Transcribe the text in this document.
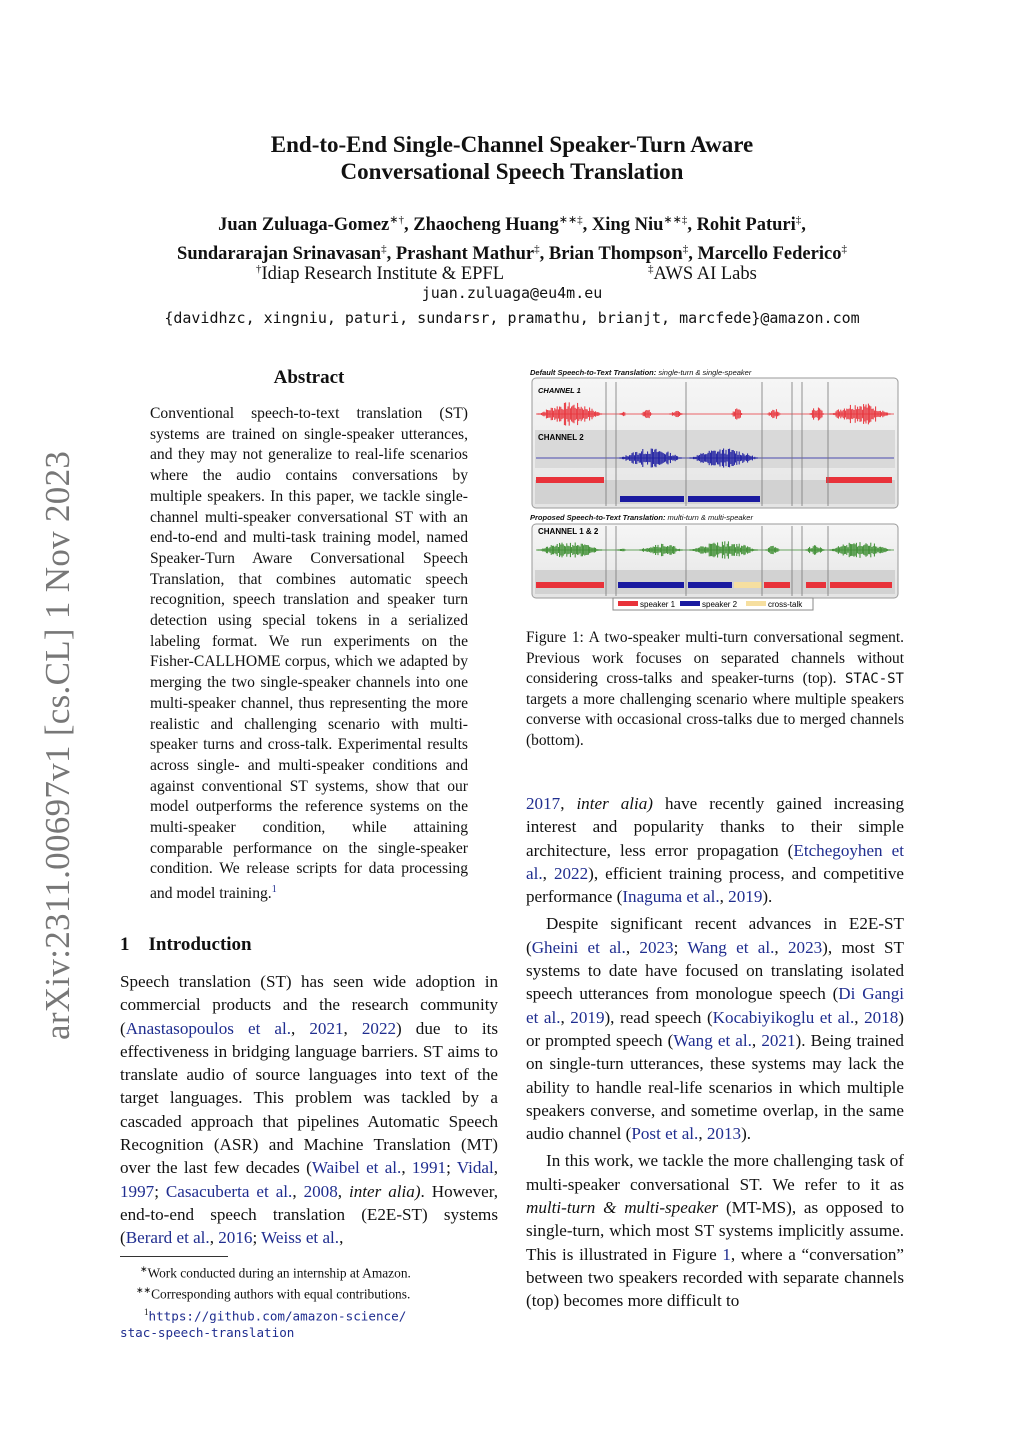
arXiv:2311.00697v1 [cs.CL] 1 Nov 2023
End-to-End Single-Channel Speaker-Turn Aware
Conversational Speech Translation
Juan Zuluaga-Gomez∗†, Zhaocheng Huang∗∗‡, Xing Niu∗∗‡, Rohit Paturi‡,
Sundararajan Srinavasan‡, Prashant Mathur‡, Brian Thompson‡, Marcello Federico‡
†Idiap Research Institute & EPFL	‡AWS AI Labs
juan.zuluaga@eu4m.eu
{davidhzc, xingniu, paturi, sundarsr, pramathu, brianjt, marcfede}@amazon.com
Abstract

Conventional speech-to-text translation (ST) systems are trained on single-speaker utterances, and they may not generalize to real-life scenarios where the audio contains conversations by multiple speakers. In this paper, we tackle single-channel multi-speaker conversational ST with an end-to-end and multi-task training model, named Speaker-Turn Aware Conversational Speech Translation, that combines automatic speech recognition, speech translation and speaker turn detection using special tokens in a serialized labeling format. We run experiments on the Fisher-CALLHOME corpus, which we adapted by merging the two single-speaker channels into one multi-speaker channel, thus representing the more realistic and challenging scenario with multi-speaker turns and cross-talk. Experimental results across single- and multi-speaker conditions and against conventional ST systems, show that our model outperforms the reference systems on the multi-speaker condition, while attaining comparable performance on the single-speaker condition. We release scripts for data processing and model training.$^1$

1 Introduction

Speech translation (ST) has seen wide adoption in commercial products and the research community (Anastasopoulos et al., 2021, 2022) due to its effectiveness in bridging language barriers. ST aims to translate audio of source languages into text of the target languages. This problem was tackled by a cascaded approach that pipelines Automatic Speech Recognition (ASR) and Machine Translation (MT) over the last few decades (Waibel et al., 1991; Vidal, 1997; Casacuberta et al., 2008, inter alia). However, end-to-end speech translation (E2E-ST) systems (Berard et al., 2016; Weiss et al.,

∗Work conducted during an internship at Amazon.
∗∗Corresponding authors with equal contributions.
$^1$https://github.com/amazon-science/
stac-speech-translation
Default Speech-to-Text Translation: single-turn & single-speaker
Proposed Speech-to-Text Translation: multi-turn & multi-speaker
CHANNEL 1
CHANNEL 2
CHANNEL 1 & 2
speaker 1	speaker 2	cross-talk

Figure 1: A two-speaker multi-turn conversational segment. Previous work focuses on separated channels without considering cross-talks and speaker-turns (top). STAC-ST targets a more challenging scenario where multiple speakers converse with occasional cross-talks due to merged channels (bottom).

2017, inter alia) have recently gained increasing interest and popularity thanks to their simple architecture, less error propagation (Etchegoyhen et al., 2022), efficient training process, and competitive performance (Inaguma et al., 2019).

Despite significant recent advances in E2E-ST (Gheini et al., 2023; Wang et al., 2023), most ST systems to date have focused on translating isolated speech utterances from monologue speech (Di Gangi et al., 2019), read speech (Kocabiyikoglu et al., 2018) or prompted speech (Wang et al., 2021). Being trained on single-turn utterances, these systems may lack the ability to handle real-life scenarios in which multiple speakers converse, and sometime overlap, in the same audio channel (Post et al., 2013).

In this work, we tackle the more challenging task of multi-speaker conversational ST. We refer to it as multi-turn & multi-speaker (MT-MS), as opposed to single-turn, which most ST systems implicitly assume. This is illustrated in Figure 1, where a “conversation” between two speakers recorded with separate channels (top) becomes more difficult to
